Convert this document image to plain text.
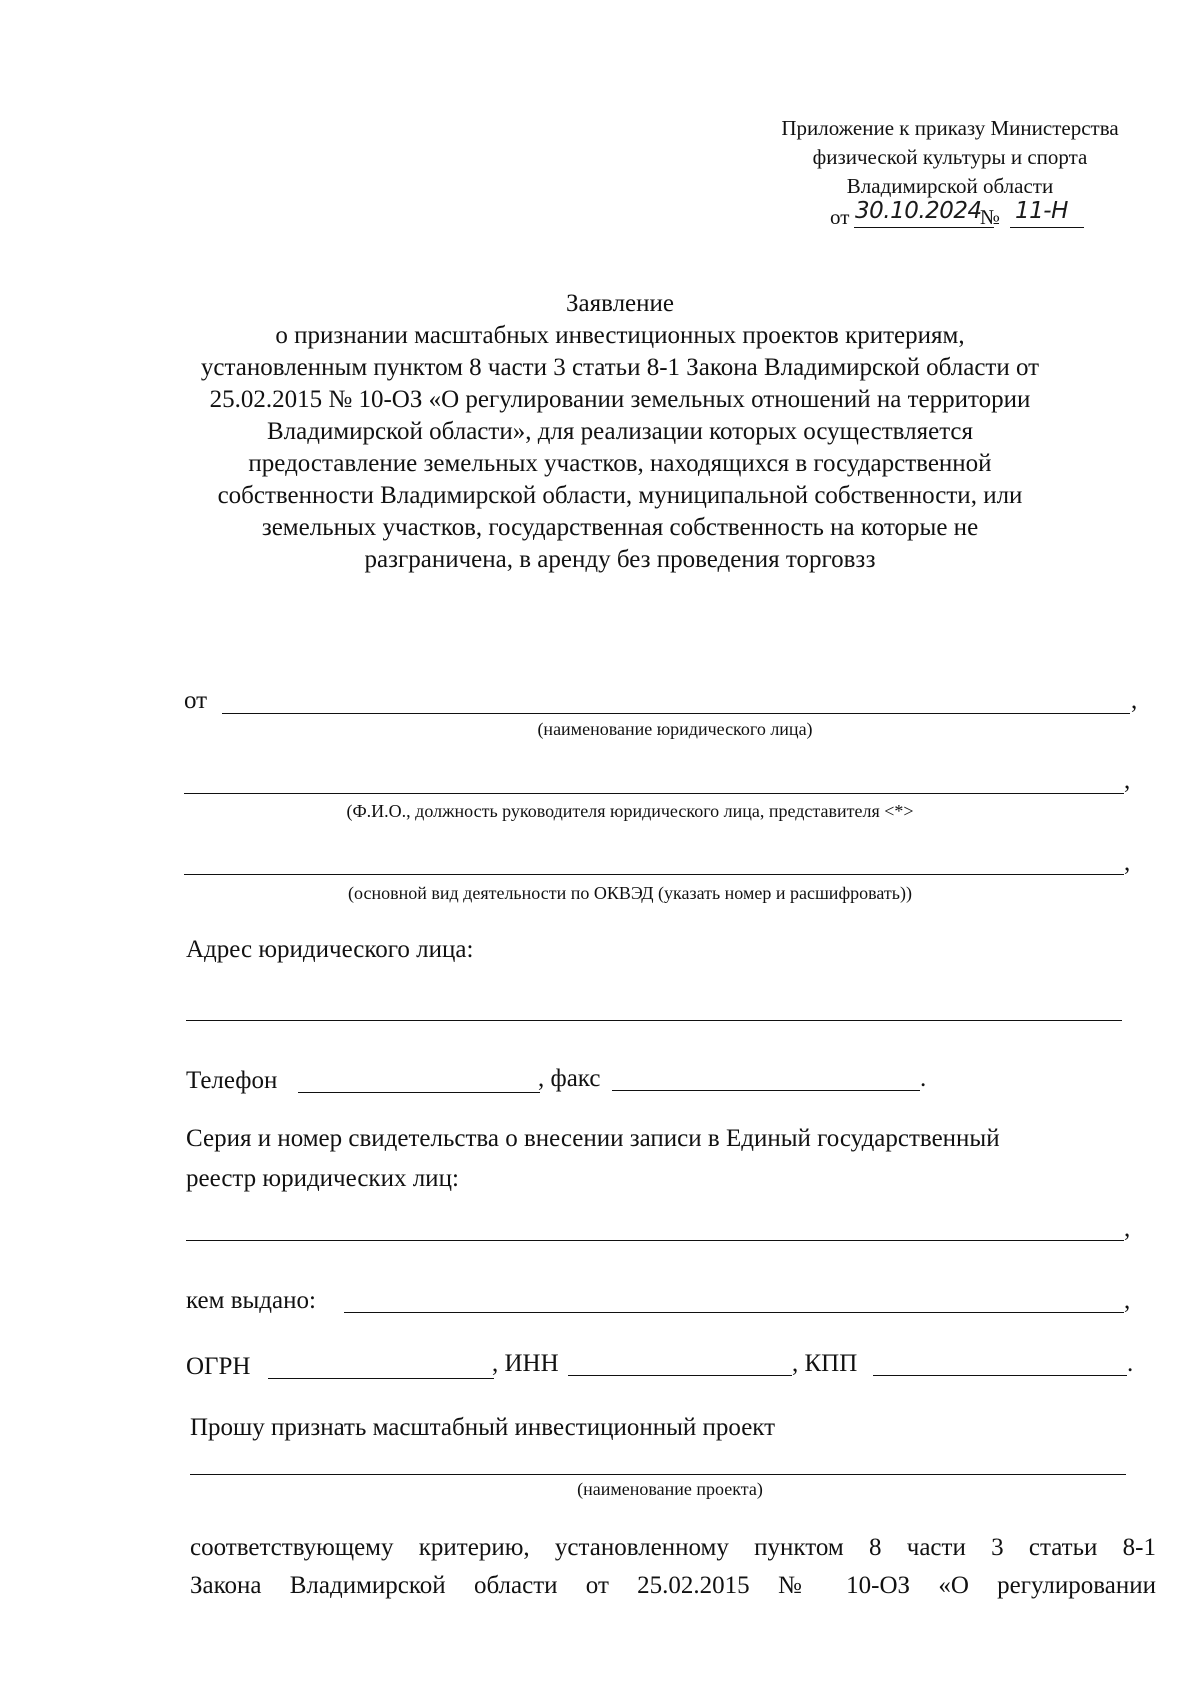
Приложение к приказу Министерства
физической культуры и спорта
Владимирской области
от 30.10.2024
№ 11-Н
Заявление
о признании масштабных инвестиционных проектов критериям,
установленным пунктом 8 части 3 статьи 8-1 Закона Владимирской области от
25.02.2015 № 10-ОЗ «О регулировании земельных отношений на территории
Владимирской области», для реализации которых осуществляется
предоставление земельных участков, находящихся в государственной
собственности Владимирской области, муниципальной собственности, или
земельных участков, государственная собственность на которые не
разграничена, в аренду без проведения торговзз
от	,
(наименование юридического лица)
,
(Ф.И.О., должность руководителя юридического лица, представителя <*>
,
(основной вид деятельности по ОКВЭД (указать номер и расшифровать))
Адрес юридического лица:
Телефон	, факс	.
Серия и номер свидетельства о внесении записи в Единый государственный
реестр юридических лиц:
,
кем выдано:	,
ОГРН	, ИНН	, КПП	.
Прошу признать масштабный инвестиционный проект
(наименование проекта)
соответствующему критерию, установленному пунктом 8 части 3 статьи 8-1
Закона Владимирской области от 25.02.2015 № 10-ОЗ «О регулировании
